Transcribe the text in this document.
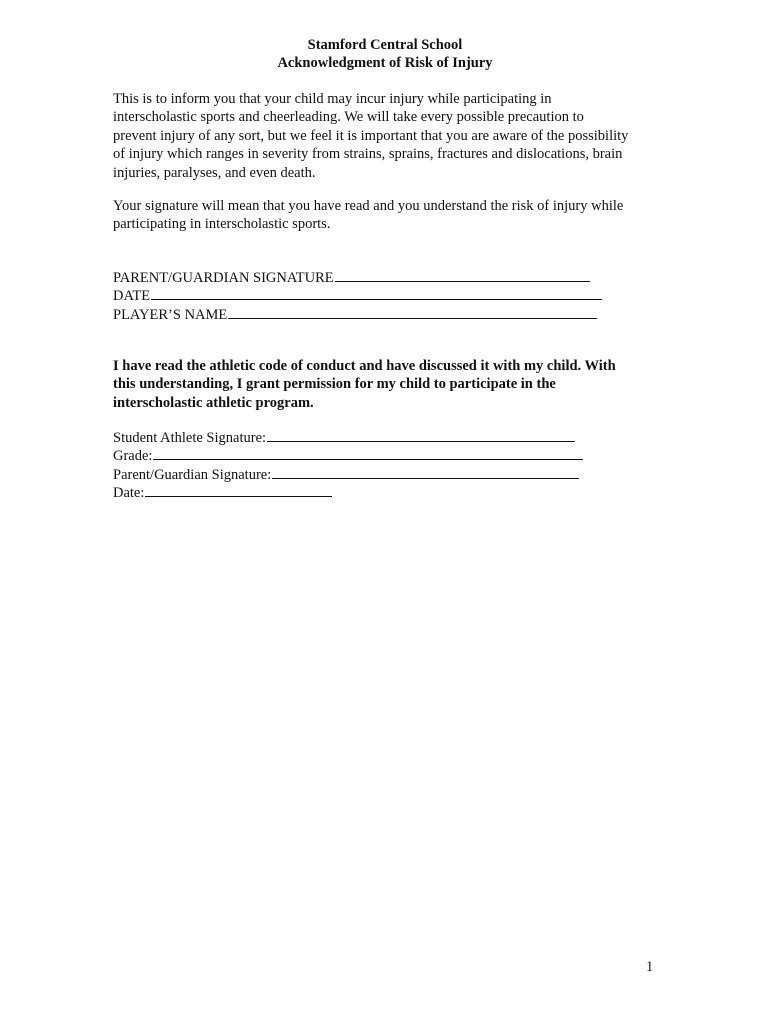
Stamford Central School
Acknowledgment of Risk of Injury
This is to inform you that your child may incur injury while participating in
interscholastic sports and cheerleading. We will take every possible precaution to
prevent injury of any sort, but we feel it is important that you are aware of the possibility
of injury which ranges in severity from strains, sprains, fractures and dislocations, brain
injuries, paralyses, and even death.
Your signature will mean that you have read and you understand the risk of injury while
participating in interscholastic sports.
PARENT/GUARDIAN SIGNATURE
DATE
PLAYER’S NAME
I have read the athletic code of conduct and have discussed it with my child. With
this understanding, I grant permission for my child to participate in the
interscholastic athletic program.
Student Athlete Signature:
Grade:
Parent/Guardian Signature:
Date:
1
